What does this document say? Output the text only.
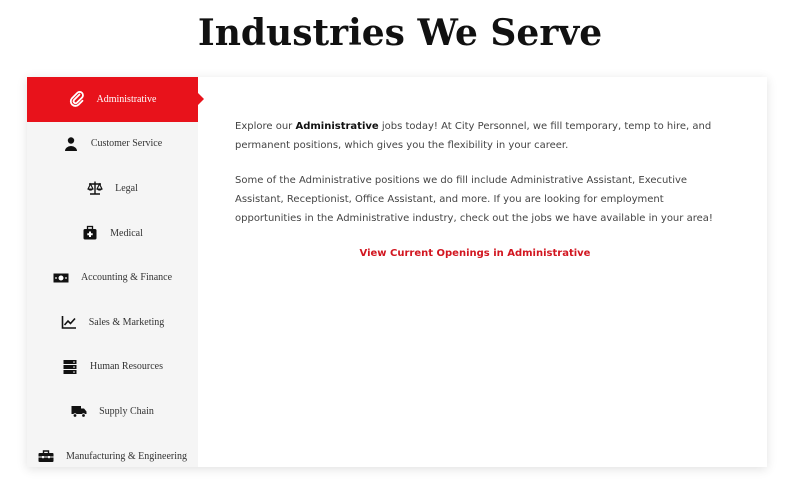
Industries We Serve
Administrative
Customer Service
Legal
Medical
Accounting & Finance
Sales & Marketing
Human Resources
Supply Chain
Manufacturing & Engineering

Explore our Administrative jobs today! At City Personnel, we fill temporary, temp to hire, and permanent positions, which gives you the flexibility in your career.

Some of the Administrative positions we do fill include Administrative Assistant, Executive Assistant, Receptionist, Office Assistant, and more. If you are looking for employment opportunities in the Administrative industry, check out the jobs we have available in your area!

View Current Openings in Administrative
